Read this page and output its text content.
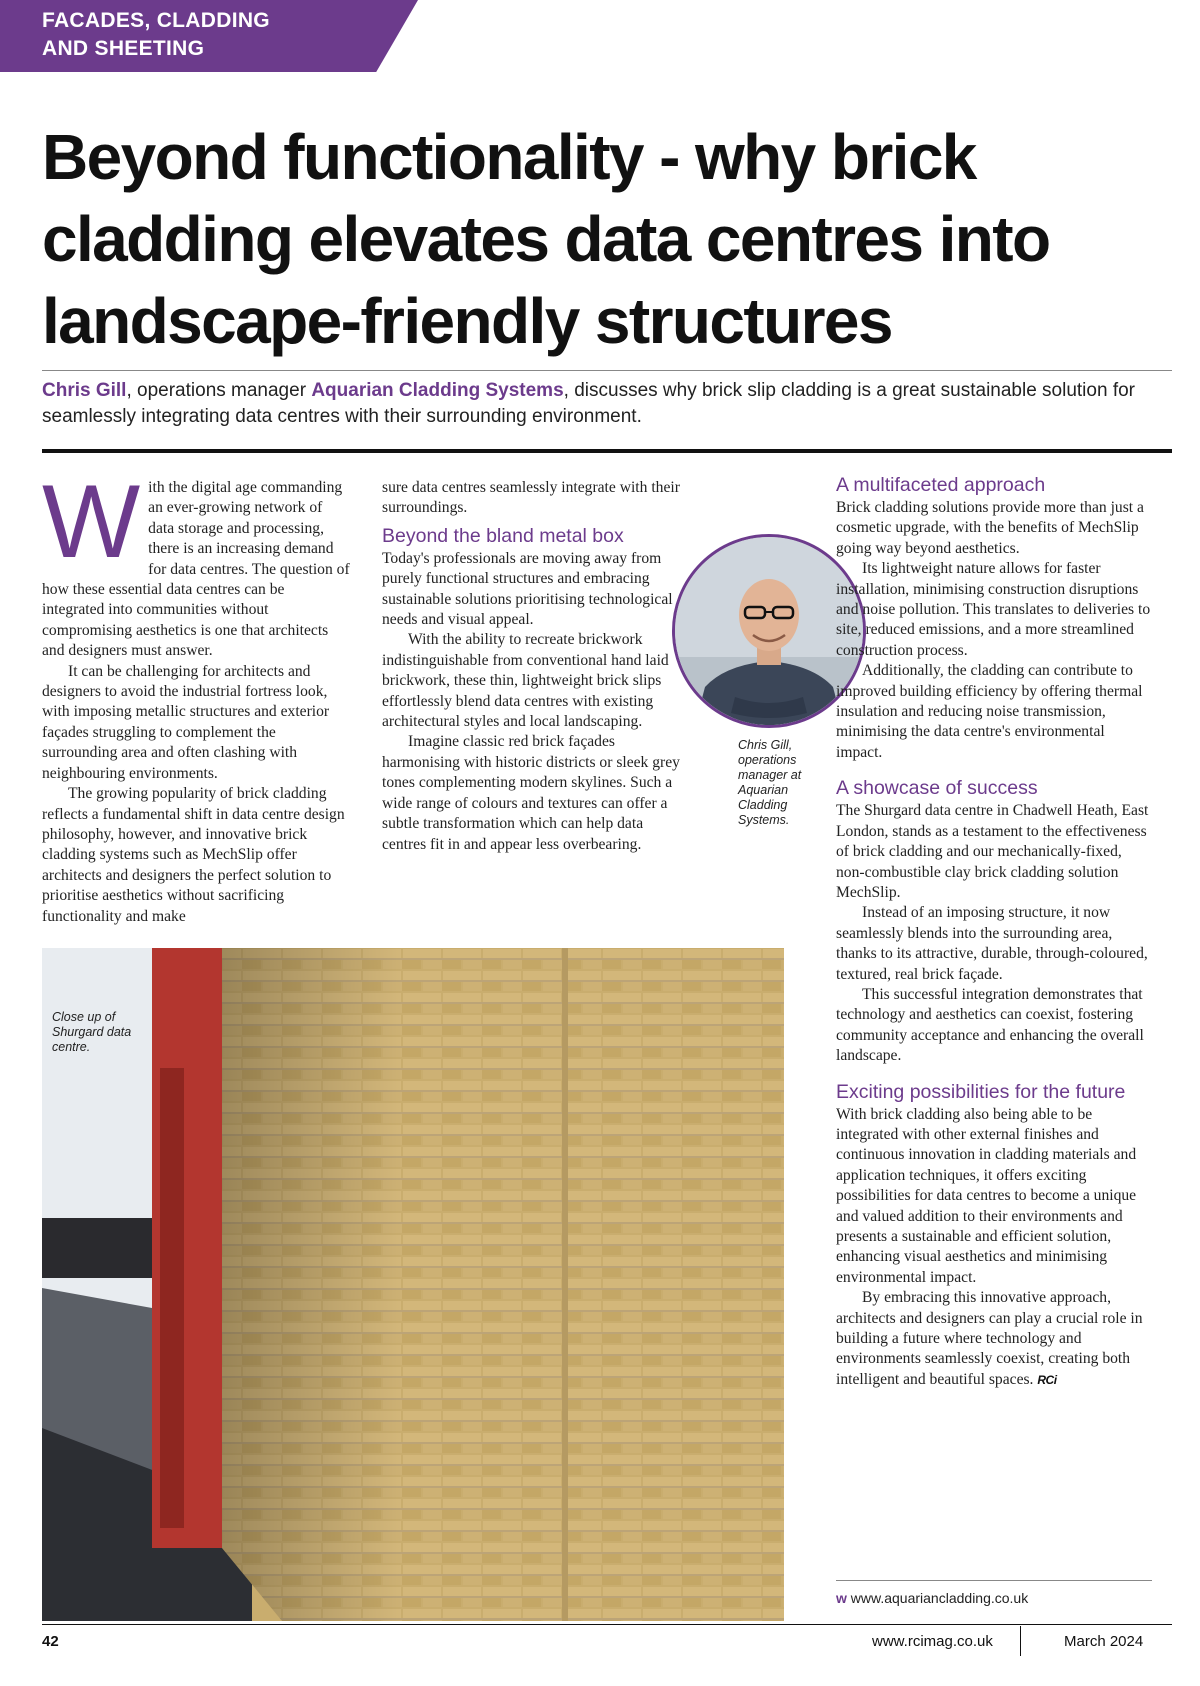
FACADES, CLADDING
AND SHEETING
Beyond functionality - why brick cladding elevates data centres into landscape-friendly structures
Chris Gill, operations manager Aquarian Cladding Systems, discusses why brick slip cladding is a great sustainable solution for seamlessly integrating data centres with their surrounding environment.
W ith the digital age commanding an ever-growing network of data storage and processing, there is an increasing demand for data centres. The question of how these essential data centres can be integrated into communities without compromising aesthetics is one that architects and designers must answer.

It can be challenging for architects and designers to avoid the industrial fortress look, with imposing metallic structures and exterior façades struggling to complement the surrounding area and often clashing with neighbouring environments.

The growing popularity of brick cladding reflects a fundamental shift in data centre design philosophy, however, and innovative brick cladding systems such as MechSlip offer architects and designers the perfect solution to prioritise aesthetics without sacrificing functionality and make

sure data centres seamlessly integrate with their surroundings.

Beyond the bland metal box

Today's professionals are moving away from purely functional structures and embracing sustainable solutions prioritising technological needs and visual appeal.

With the ability to recreate brickwork indistinguishable from conventional hand laid brickwork, these thin, lightweight brick slips effortlessly blend data centres with existing architectural styles and local landscaping.

Imagine classic red brick façades harmonising with historic districts or sleek grey tones complementing modern skylines. Such a wide range of colours and textures can offer a subtle transformation which can help data centres fit in and appear less overbearing.

Chris Gill, operations manager at Aquarian Cladding Systems.
A multifaceted approach

Brick cladding solutions provide more than just a cosmetic upgrade, with the benefits of MechSlip going way beyond aesthetics.

Its lightweight nature allows for faster installation, minimising construction disruptions and noise pollution. This translates to deliveries to site, reduced emissions, and a more streamlined construction process.

Additionally, the cladding can contribute to improved building efficiency by offering thermal insulation and reducing noise transmission, minimising the data centre's environmental impact.

A showcase of success

The Shurgard data centre in Chadwell Heath, East London, stands as a testament to the effectiveness of brick cladding and our mechanically-fixed, non-combustible clay brick cladding solution MechSlip.

Instead of an imposing structure, it now seamlessly blends into the surrounding area, thanks to its attractive, durable, through-coloured, textured, real brick façade.

This successful integration demonstrates that technology and aesthetics can coexist, fostering community acceptance and enhancing the overall landscape.

Exciting possibilities for the future

With brick cladding also being able to be integrated with other external finishes and continuous innovation in cladding materials and application techniques, it offers exciting possibilities for data centres to become a unique and valued addition to their environments and presents a sustainable and efficient solution, enhancing visual aesthetics and minimising environmental impact.

By embracing this innovative approach, architects and designers can play a crucial role in building a future where technology and environments seamlessly coexist, creating both intelligent and beautiful spaces. RCi

Close up of Shurgard data centre.
w www.aquariancladding.co.uk
42	www.rcimag.co.uk	March 2024
